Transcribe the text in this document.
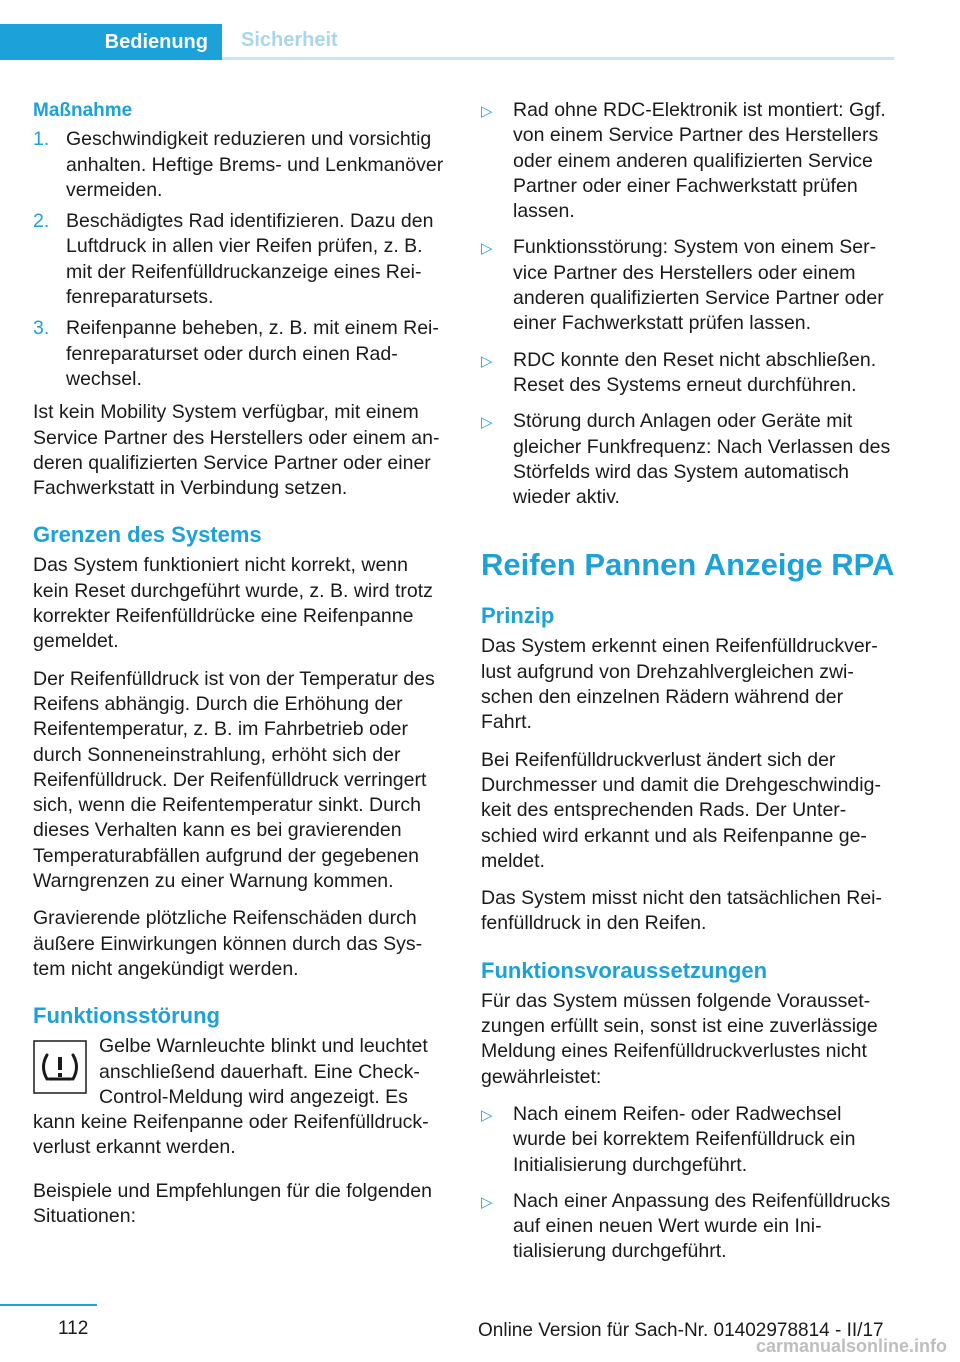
Bedienung	Sicherheit
Maßnahme
1. Geschwindigkeit reduzieren und vorsichtig anhalten. Heftige Brems- und Lenkmanöver vermeiden.
2. Beschädigtes Rad identifizieren. Dazu den Luftdruck in allen vier Reifen prüfen, z. B. mit der Reifenfülldruckanzeige eines Reifenreparatursets.
3. Reifenpanne beheben, z. B. mit einem Reifenreparaturset oder durch einen Radwechsel.

Ist kein Mobility System verfügbar, mit einem Service Partner des Herstellers oder einem anderen qualifizierten Service Partner oder einer Fachwerkstatt in Verbindung setzen.

Grenzen des Systems

Das System funktioniert nicht korrekt, wenn kein Reset durchgeführt wurde, z. B. wird trotz korrekter Reifenfülldrücke eine Reifenpanne gemeldet.

Der Reifenfülldruck ist von der Temperatur des Reifens abhängig. Durch die Erhöhung der Reifentemperatur, z. B. im Fahrbetrieb oder durch Sonneneinstrahlung, erhöht sich der Reifenfülldruck. Der Reifenfülldruck verringert sich, wenn die Reifentemperatur sinkt. Durch dieses Verhalten kann es bei gravierenden Temperaturabfällen aufgrund der gegebenen Warngrenzen zu einer Warnung kommen.

Gravierende plötzliche Reifenschäden durch äußere Einwirkungen können durch das System nicht angekündigt werden.

Funktionsstörung

Gelbe Warnleuchte blinkt und leuchtet anschließend dauerhaft. Eine Check-Control-Meldung wird angezeigt. Es kann keine Reifenpanne oder Reifenfülldruckverlust erkannt werden.

Beispiele und Empfehlungen für die folgenden Situationen:

▷ Rad ohne RDC-Elektronik ist montiert: Ggf. von einem Service Partner des Herstellers oder einem anderen qualifizierten Service Partner oder einer Fachwerkstatt prüfen lassen.
▷ Funktionsstörung: System von einem Service Partner des Herstellers oder einem anderen qualifizierten Service Partner oder einer Fachwerkstatt prüfen lassen.
▷ RDC konnte den Reset nicht abschließen. Reset des Systems erneut durchführen.
▷ Störung durch Anlagen oder Geräte mit gleicher Funkfrequenz: Nach Verlassen des Störfelds wird das System automatisch wieder aktiv.
Reifen Pannen Anzeige RPA
Prinzip

Das System erkennt einen Reifenfülldruckverlust aufgrund von Drehzahlvergleichen zwischen den einzelnen Rädern während der Fahrt.

Bei Reifenfülldruckverlust ändert sich der Durchmesser und damit die Drehgeschwindigkeit des entsprechenden Rads. Der Unterschied wird erkannt und als Reifenpanne gemeldet.

Das System misst nicht den tatsächlichen Reifenfülldruck in den Reifen.

Funktionsvoraussetzungen

Für das System müssen folgende Voraussetzungen erfüllt sein, sonst ist eine zuverlässige Meldung eines Reifenfülldruckverlustes nicht gewährleistet:

▷ Nach einem Reifen- oder Radwechsel wurde bei korrektem Reifenfülldruck ein Initialisierung durchgeführt.
▷ Nach einer Anpassung des Reifenfülldrucks auf einen neuen Wert wurde ein Initialisierung durchgeführt.
112	Online Version für Sach-Nr. 01402978814 - II/17
carmanualsonline.info
